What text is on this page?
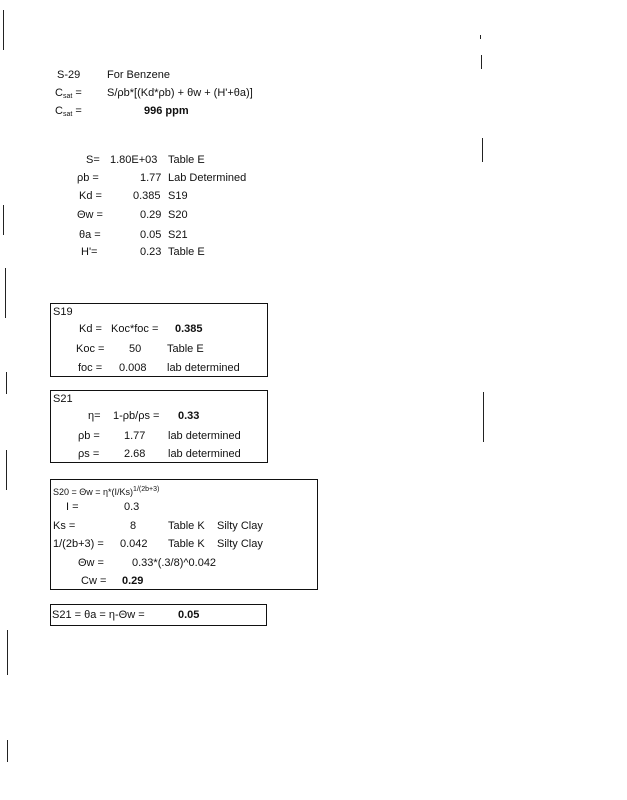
S-29 For Benzene
$C_{sat} = S/\rho b*[(Kd*\rho b) + \theta w + (H'+\theta a)]$
$C_{sat}$ =	996 ppm
S= 1.80E+03 Table E
ρb =	1.77 Lab Determined
Kd =	0.385 S19
Θw =	0.29 S20
θa =	0.05 S21
H'=	0.23 Table E
S19
Kd = Koc*foc = 0.385
Koc = 50 Table E
foc = 0.008 lab determined
S21
η= 1-ρb/ρs = 0.33
ρb = 1.77 lab determined
ρs = 2.68 lab determined
$S20 = \Theta w = \eta*(I/Ks)^{1/(2b+3)}$
I =	0.3
Ks =	8	Table K Silty Clay
1/(2b+3) = 0.042 Table K Silty Clay
Θw =	0.33*(.3/8)^0.042
Cw = 0.29
S21 = θa = η-Θw =	0.05
